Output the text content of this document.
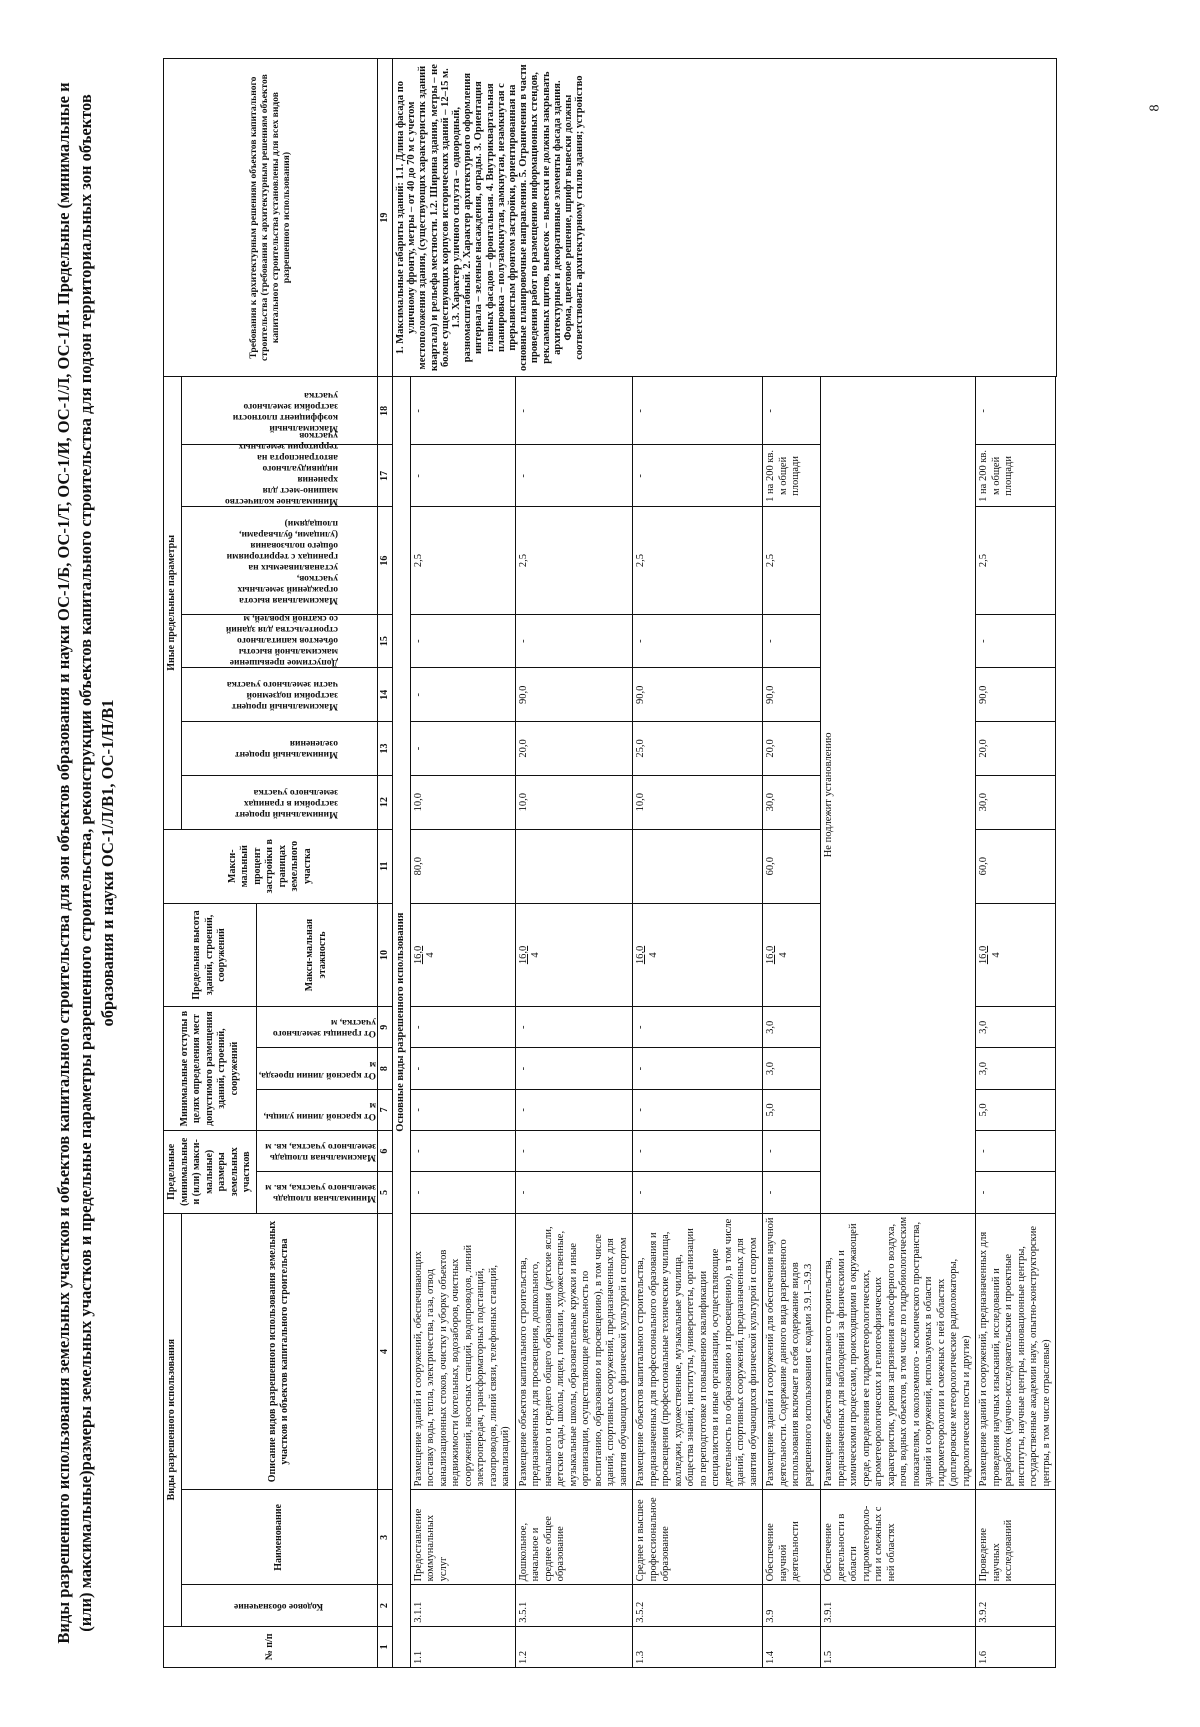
8
Виды разрешенного использования земельных участков и объектов капитального строительства для зон объектов образования и науки ОС-1/Б, ОС-1/Т, ОС-1/И, ОС-1/Л, ОС-1/Н. Предельные (минимальные и (или) максимальные)размеры земельных участков и предельные параметры разрешенного строительства, реконструкции объектов капитального строительства для подзон территориальных зон объектов образования и науки ОС-1/Л/В1, ОС-1/Н/В1
№ п/п	Виды разрешенного использования			Предельные (минимальные и (или) макси-мальные) размеры земельных участков		Минимальные отступы в целях определения мест допустимого размещения зданий, строений, сооружений			Предельная высота зданий, строений, сооружений	Макси-мальный процент застройки в границах земельного участка	Иные предельные параметры							Требования к архитектурным решениям объектов капитального строительства (требования к архитектурным решениям объектов капитального строительства установлены для всех видов разрешенного использования)

	Кодовое обозначение	Наименование	Описание видов разрешенного использования земельных участков и объектов капитального строительства								Минимальный процент застройки в границах земельного участка	Минимальный процент озеленения	Максимальный процент застройки подземной части земельного участка	Допустимое превышение максимальной высоты объектов капитального строительства для зданий со скатной кровлей, м	Максимальная высота ограждений земельных участков, устанавливаемых на границах с территориями общего пользования (улицами, бульварами, площадями)	Минимальное количество машино-мест для хранения индивидуального автотранспорта на территории земельных участков	Максимальный коэффициент плотности застройки земельного участка	

				Минимальная площадь земельного участка, кв. м	Максимальная площадь земельного участка, кв. м	От красной линии улицы, м	От красной линии проезда, м	От границы земельного участка, м	Макси-мальная этажность									
1	2	3	4	5	6	7	8	9	10	11	12	13	14	15	16	17	18	19
Основные виды разрешенного использования																		1. Максимальные габариты зданий: 1.1. Длина фасада по уличному фронту, метры – от 40 до 70 м с учетом местоположения здания, (существующих характеристик зданий квартала) и рельефа местности. 1.2. Ширина здания, метры – не более существующих корпусов исторических зданий – 12–15 м. 1.3. Характер уличного силуэта – однородный, разномасштабный. 2. Характер архитектурного оформления интервала – зеленые насаждения, ограды. 3. Ориентация главных фасадов – фронтальная. 4. Внутриквартальная планировка – полузамкнутая, замкнутая, незамкнутая с прерывистым фронтом застройки, ориентированная на основные планировочные направления. 5. Ограничения в части проведения работ по размещению информационных стендов, рекламных щитов, вывесок – вывески не должны закрывать архитектурные и декоративные элементы фасада здания. Форма, цветовое решение, шрифт вывески должны соответствовать архитектурному стилю здания; устройство
1.1	3.1.1	Предоставление коммунальных услуг	Размещение зданий и сооружений, обеспечивающих поставку воды, тепла, электричества, газа, отвод канализационных стоков, очистку и уборку объектов недвижимости (котельных, водозаборов, очистных сооружений, насосных станций, водопроводов, линий электропередач, трансформаторных подстанций, газопроводов, линий связи, телефонных станций, канализаций)	-	-	-	-	-	16,0 4	80,0	10,0	-	-	-	2,5	-	-	
1.2	3.5.1	Дошкольное, начальное и среднее общее образование	Размещение объектов капитального строительства, предназначенных для просвещения, дошкольного, начального и среднего общего образования (детские ясли, детские сады, школы, лицеи, гимназии, художественные, музыкальные школы, образовательные кружки и иные организации, осуществляющие деятельность по воспитанию, образованию и просвещению), в том числе зданий, спортивных сооружений, предназначенных для занятия обучающихся физической культурой и спортом	-	-	-	-	-	16,0 4		10,0	20,0	90,0	-	2,5	-	-	
1.3	3.5.2	Среднее и высшее профессиональное образование	Размещение объектов капитального строительства, предназначенных для профессионального образования и просвещения (профессиональные технические училища, колледжи, художественные, музыкальные училища, общества знаний, институты, университеты, организации по переподготовке и повышению квалификации специалистов и иные организации, осуществляющие деятельность по образованию и просвещению), в том числе зданий, спортивных сооружений, предназначенных для занятия обучающихся физической культурой и спортом	-	-	-	-	-	16,0 4		10,0	25,0	90,0	-	2,5	-	-	
1.4	3.9	Обеспечение научной деятельности	Размещение зданий и сооружений для обеспечения научной деятельности. Содержание данного вида разрешенного использования включает в себя содержание видов разрешенного использования с кодами 3.9.1–3.9.3	-	-	5,0	3,0	3,0	16,0 4	60,0	30,0	20,0	90,0	-	2,5	1 на 200 кв. м общей площади	-	
1.5	3.9.1	Обеспечение деятельности в области гидрометеороло-гии и смежных с ней областях	Размещение объектов капитального строительства, предназначенных для наблюдений за физическими и химическими процессами, происходящими в окружающей среде, определения ее гидрометеорологических, агрометеорологических и гелиогеофизических характеристик, уровня загрязнения атмосферного воздуха, почв, водных объектов, в том числе по гидробиологическим показателям, и околоземного - космического пространства, зданий и сооружений, используемых в области гидрометеорологии и смежных с ней областях (доплеровские метеорологические радиолокаторы, гидрологические посты и другие)	Не подлежит установлению														
1.6	3.9.2	Проведение научных исследований	Размещение зданий и сооружений, предназначенных для проведения научных изысканий, исследований и разработок (научно-исследовательские и проектные институты, научные центры, инновационные центры, государственные академии наук, опытно-конструкторские центры, в том числе отраслевые)	-	-	5,0	3,0	3,0	16,0 4	60,0	30,0	20,0	90,0	-	2,5	1 на 200 кв. м общей площади	-	
